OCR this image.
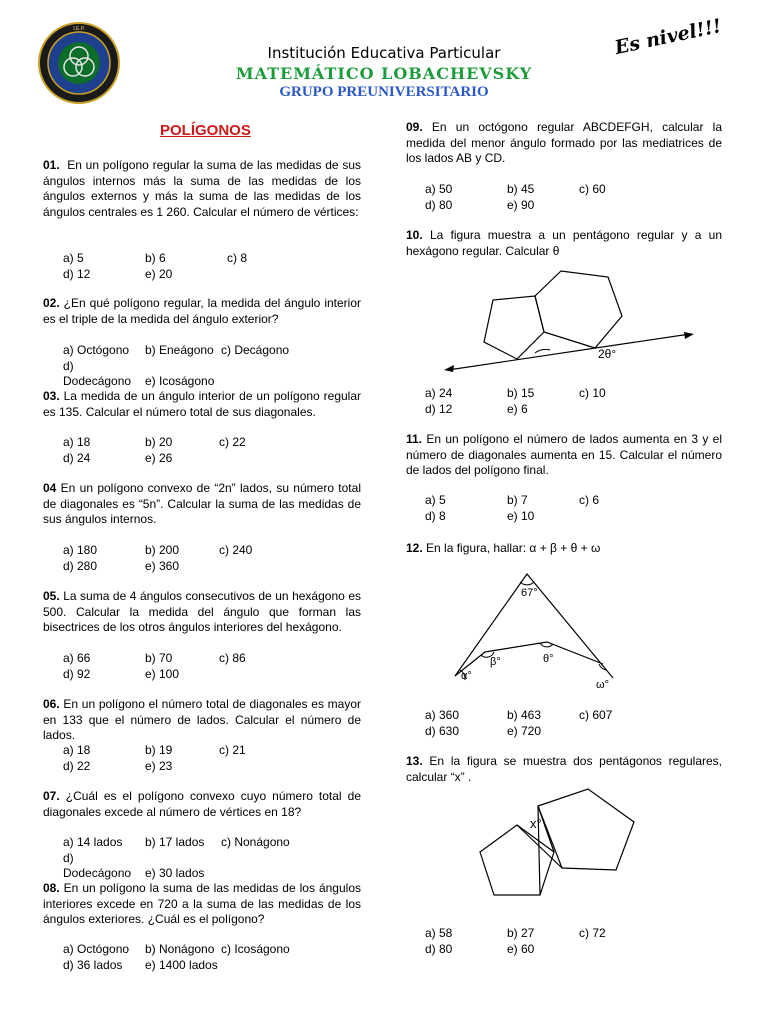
I.E.P.
Institución Educativa Particular
MATEMÁTICO LOBACHEVSKY
GRUPO PREUNIVERSITARIO
Es nivel!!!
POLÍGONOS
01. En un polígono regular la suma de las medidas de sus ángulos internos más la suma de las medidas de los ángulos externos y más la suma de las medidas de los ángulos centrales es 1 260. Calcular el número de vértices:
a) 5	b) 6	c) 8
d) 12	e) 20
02. ¿En qué polígono regular, la medida del ángulo interior es el triple de la medida del ángulo exterior?
a) Octógono b) Eneágono c) Decágono
d) Dodecágono e) Icoságono
03. La medida de un ángulo interior de un polígono regular es 135. Calcular el número total de sus diagonales.
a) 18	b) 20	c) 22
d) 24	e) 26
04 En un polígono convexo de “2n” lados, su número total de diagonales es “5n”. Calcular la suma de las medidas de sus ángulos internos.
a) 180	b) 200	c) 240
d) 280	e) 360
05. La suma de 4 ángulos consecutivos de un hexágono es 500. Calcular la medida del ángulo que forman las bisectrices de los otros ángulos interiores del hexágono.
a) 66	b) 70	c) 86
d) 92	e) 100
06. En un polígono el número total de diagonales es mayor en 133 que el número de lados. Calcular el número de lados.
a) 18	b) 19	c) 21
d) 22	e) 23
07. ¿Cuál es el polígono convexo cuyo número total de diagonales excede al número de vértices en 18?
a) 14 lados b) 17 lados c) Nonágono
d) Dodecágono e) 30 lados
08. En un polígono la suma de las medidas de los ángulos interiores excede en 720 a la suma de las medidas de los ángulos exteriores. ¿Cuál es el polígono?
a) Octógono b) Nonágono c) Icoságono
d) 36 lados e) 1400 lados
09. En un octógono regular ABCDEFGH, calcular la medida del menor ángulo formado por las mediatrices de los lados AB y CD.
a) 50	b) 45	c) 60
d) 80	e) 90
10. La figura muestra a un pentágono regular y a un hexágono regular. Calcular θ
2θ°
a) 24	b) 15	c) 10
d) 12	e) 6
11. En un polígono el número de lados aumenta en 3 y el número de diagonales aumenta en 15. Calcular el número de lados del polígono final.
a) 5	b) 7	c) 6
d) 8	e) 10
12. En la figura, hallar: α + β + θ + ω
67°
β°	θ°
α°
ω°
a) 360	b) 463	c) 607
d) 630	e) 720
13. En la figura se muestra dos pentágonos regulares, calcular “x” .
x°
a) 58	b) 27	c) 72
d) 80	e) 60
